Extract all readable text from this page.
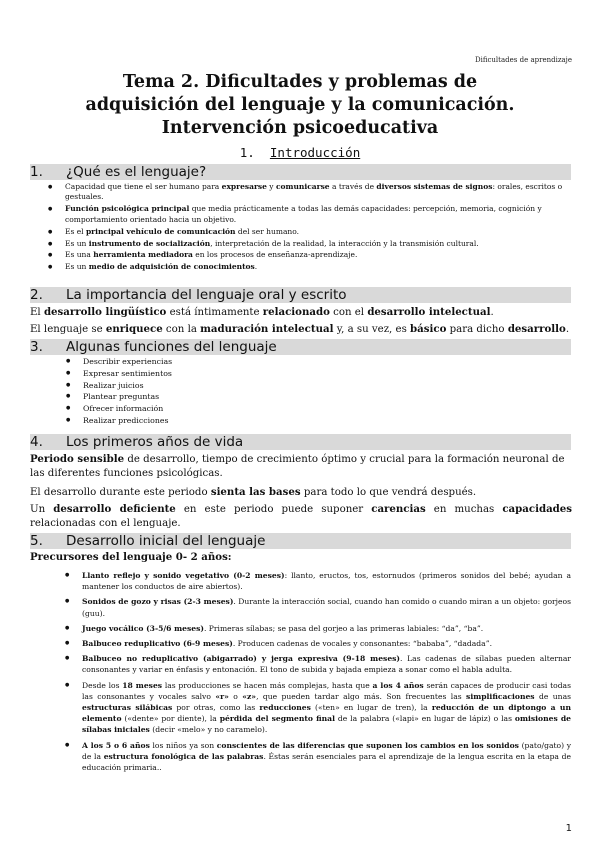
Dificultades de aprendizaje
Tema 2. Dificultades y problemas de
adquisición del lenguaje y la comunicación.
Intervención psicoeducativa
1. Introducción
1. ¿Qué es el lenguaje?
● Capacidad que tiene el ser humano para expresarse y comunicarse a través de diversos sistemas de signos: orales, escritos o gestuales.
● Función psicológica principal que media prácticamente a todas las demás capacidades: percepción, memoria, cognición y comportamiento orientado hacia un objetivo.
● Es el principal vehículo de comunicación del ser humano.
● Es un instrumento de socialización, interpretación de la realidad, la interacción y la transmisión cultural.
● Es una herramienta mediadora en los procesos de enseñanza-aprendizaje.
● Es un medio de adquisición de conocimientos.
2. La importancia del lenguaje oral y escrito
El desarrollo lingüístico está íntimamente relacionado con el desarrollo intelectual.
El lenguaje se enriquece con la maduración intelectual y, a su vez, es básico para dicho desarrollo.
3. Algunas funciones del lenguaje
● Describir experiencias
● Expresar sentimientos
● Realizar juicios
● Plantear preguntas
● Ofrecer información
● Realizar predicciones
4. Los primeros años de vida
Periodo sensible de desarrollo, tiempo de crecimiento óptimo y crucial para la formación neuronal de las diferentes funciones psicológicas.
El desarrollo durante este periodo sienta las bases para todo lo que vendrá después.
Un desarrollo deficiente en este periodo puede suponer carencias en muchas capacidades relacionadas con el lenguaje.
5. Desarrollo inicial del lenguaje
Precursores del lenguaje 0- 2 años:
● Llanto reflejo y sonido vegetativo (0-2 meses): llanto, eructos, tos, estornudos (primeros sonidos del bebé; ayudan a mantener los conductos de aire abiertos).
● Sonidos de gozo y risas (2-3 meses). Durante la interacción social, cuando han comido o cuando miran a un objeto: gorjeos (guu).
● Juego vocálico (3-5/6 meses). Primeras sílabas; se pasa del gorjeo a las primeras labiales: “da”, “ba”.
● Balbuceo reduplicativo (6-9 meses). Producen cadenas de vocales y consonantes: “bababa”, “dadada”.
● Balbuceo no reduplicativo (abigarrado) y jerga expresiva (9-18 meses). Las cadenas de sílabas pueden alternar consonantes y variar en énfasis y entonación. El tono de subida y bajada empieza a sonar como el habla adulta.
● Desde los 18 meses las producciones se hacen más complejas, hasta que a los 4 años serán capaces de producir casi todas las consonantes y vocales salvo «r» o «z», que pueden tardar algo más. Son frecuentes las simplificaciones de unas estructuras silábicas por otras, como las reducciones («ten» en lugar de tren), la reducción de un diptongo a un elemento («dente» por diente), la pérdida del segmento final de la palabra («lapi» en lugar de lápiz) o las omisiones de sílabas iniciales (decir «melo» y no caramelo).
● A los 5 o 6 años los niños ya son conscientes de las diferencias que suponen los cambios en los sonidos (pato/gato) y de la estructura fonológica de las palabras. Éstas serán esenciales para el aprendizaje de la lengua escrita en la etapa de educación primaria..
1
